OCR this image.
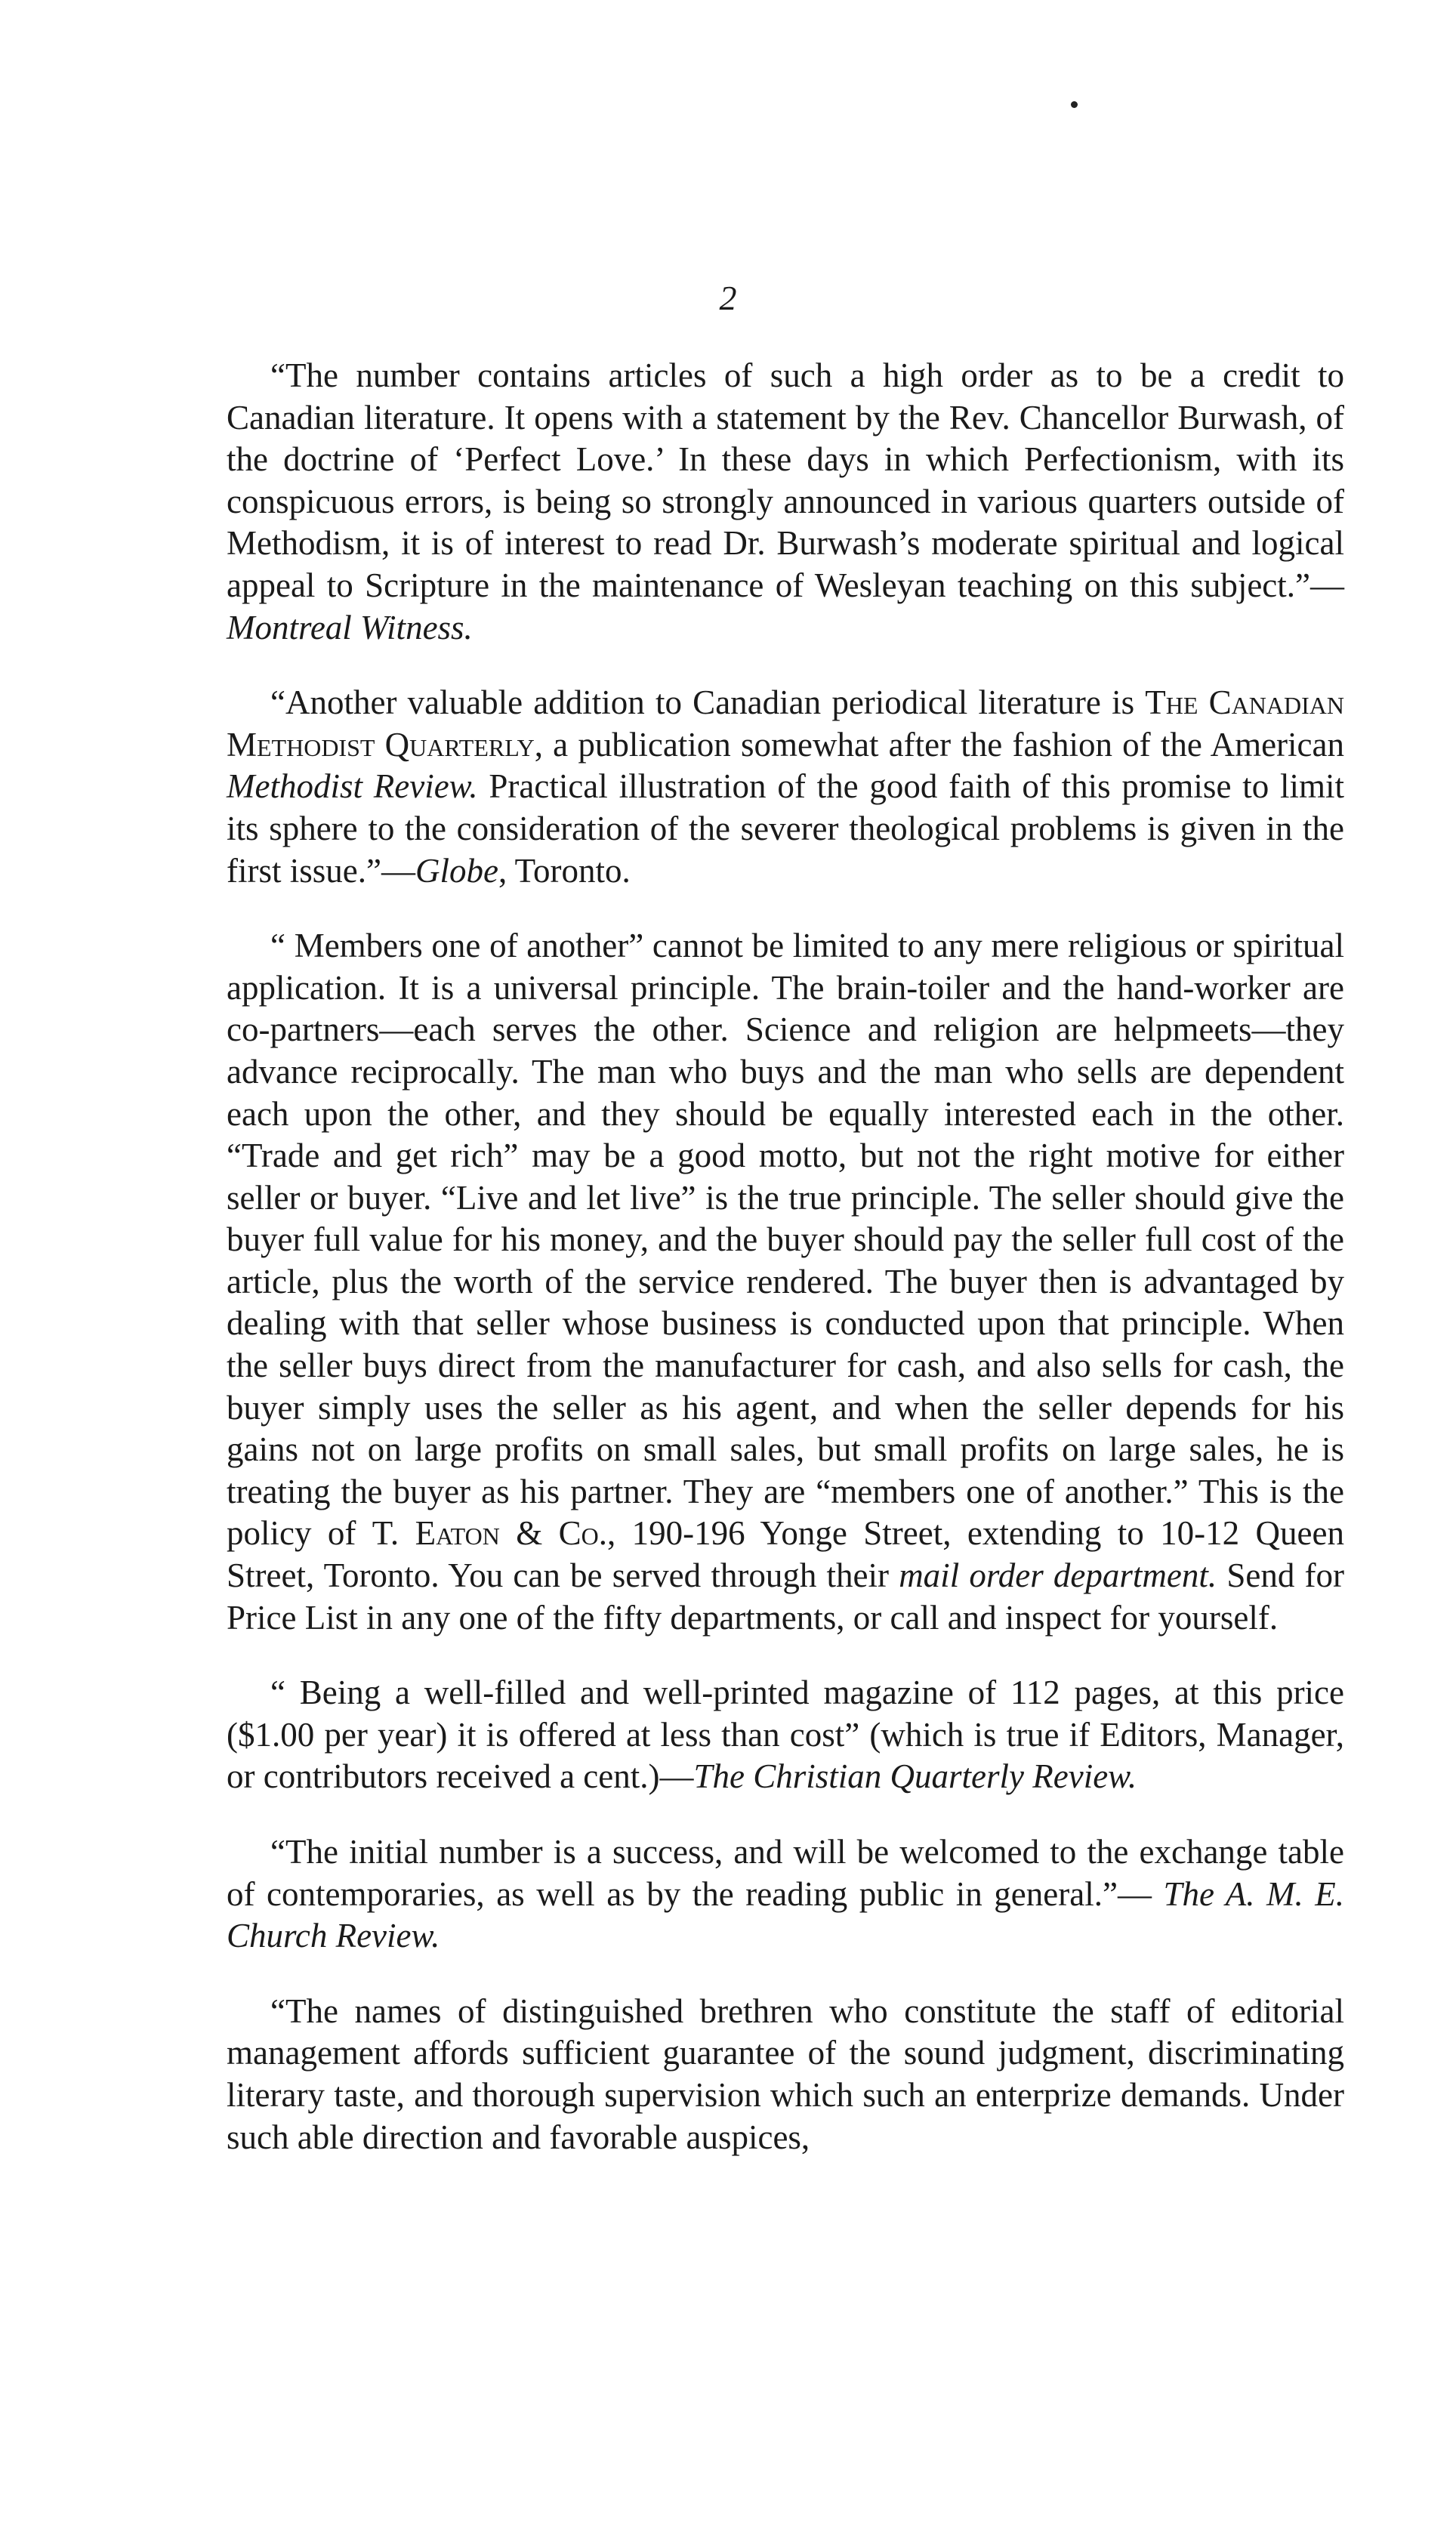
2

“The number contains articles of such a high order as to be a credit to Canadian literature. It opens with a statement by the Rev. Chancellor Burwash, of the doctrine of ‘Perfect Love.’ In these days in which Perfectionism, with its conspicuous errors, is being so strongly announced in various quarters outside of Methodism, it is of interest to read Dr. Burwash’s moderate spiritual and logical appeal to Scripture in the maintenance of Wesleyan teaching on this subject.”—Montreal Witness.

“Another valuable addition to Canadian periodical literature is The Canadian Methodist Quarterly, a publication somewhat after the fashion of the American Methodist Review. Practical illustration of the good faith of this promise to limit its sphere to the consideration of the severer theological problems is given in the first issue.”—Globe, Toronto.

“ Members one of another” cannot be limited to any mere religious or spiritual application. It is a universal principle. The brain-toiler and the hand-worker are co-partners—each serves the other. Science and religion are helpmeets—they advance reciprocally. The man who buys and the man who sells are dependent each upon the other, and they should be equally interested each in the other. “Trade and get rich” may be a good motto, but not the right motive for either seller or buyer. “Live and let live” is the true principle. The seller should give the buyer full value for his money, and the buyer should pay the seller full cost of the article, plus the worth of the service rendered. The buyer then is advantaged by dealing with that seller whose business is conducted upon that principle. When the seller buys direct from the manufacturer for cash, and also sells for cash, the buyer simply uses the seller as his agent, and when the seller depends for his gains not on large profits on small sales, but small profits on large sales, he is treating the buyer as his partner. They are “members one of another.” This is the policy of T. Eaton & Co., 190-196 Yonge Street, extending to 10-12 Queen Street, Toronto. You can be served through their mail order department. Send for Price List in any one of the fifty departments, or call and inspect for yourself.

“ Being a well-filled and well-printed magazine of 112 pages, at this price ($1.00 per year) it is offered at less than cost” (which is true if Editors, Manager, or contributors received a cent.)—The Christian Quarterly Review.

“The initial number is a success, and will be welcomed to the exchange table of contemporaries, as well as by the reading public in general.”— The A. M. E. Church Review.

“The names of distinguished brethren who constitute the staff of editorial management affords sufficient guarantee of the sound judgment, discriminating literary taste, and thorough supervision which such an enterprize demands. Under such able direction and favorable auspices,
